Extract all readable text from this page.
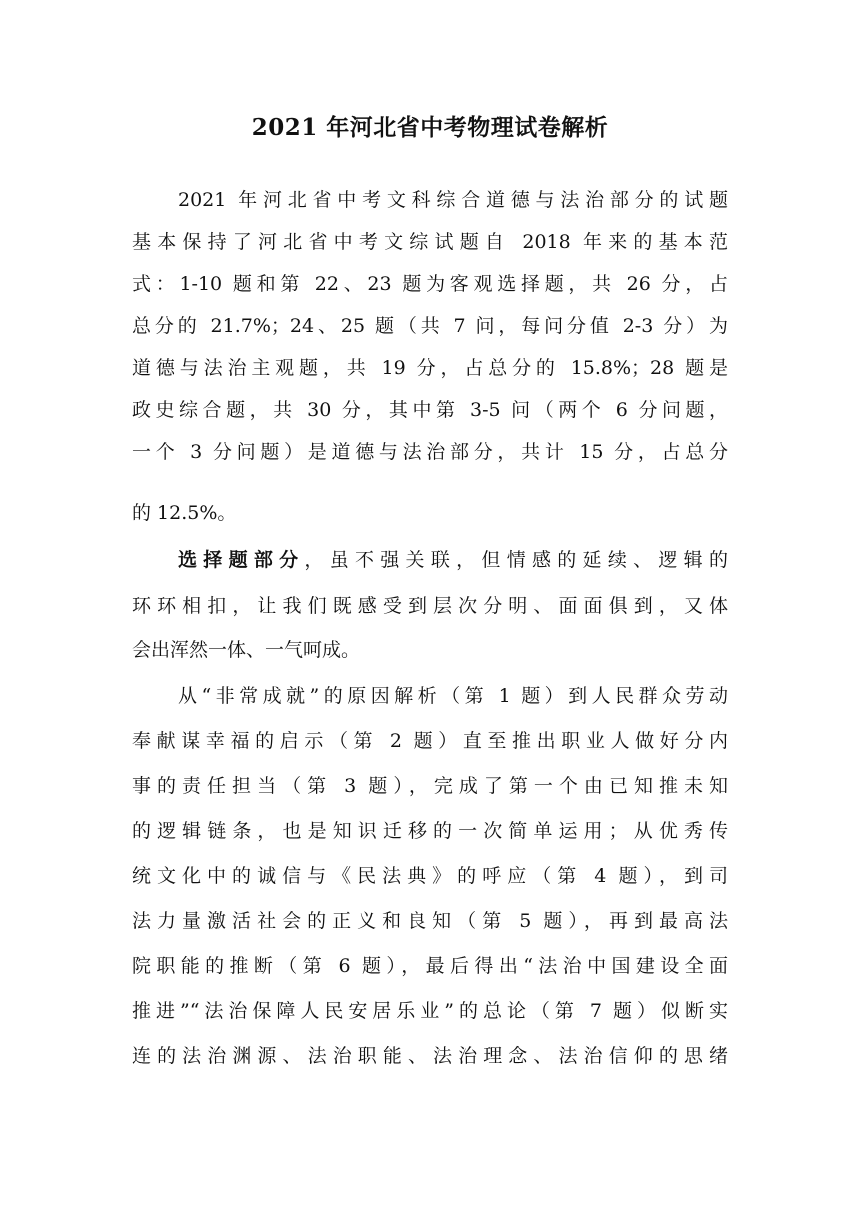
2021 年河北省中考物理试卷解析
2021 年河北省中考文科综合道德与法治部分的试题
基本保持了河北省中考文综试题自 2018 年来的基本范
式：1-10 题和第 22、23 题为客观选择题，共 26 分，占
总分的 21.7%；24、25 题（共 7 问，每问分值 2-3 分）为
道德与法治主观题，共 19 分，占总分的 15.8%；28 题是
政史综合题，共 30 分，其中第 3-5 问（两个 6 分问题，
一个 3 分问题）是道德与法治部分，共计 15 分，占总分
的 12.5%。
选择题部分，虽不强关联，但情感的延续、逻辑的
环环相扣，让我们既感受到层次分明、面面俱到，又体
会出浑然一体、一气呵成。
从“非常成就”的原因解析（第 1 题）到人民群众劳动
奉献谋幸福的启示（第 2 题）直至推出职业人做好分内
事的责任担当（第 3 题），完成了第一个由已知推未知
的逻辑链条，也是知识迁移的一次简单运用；从优秀传
统文化中的诚信与《民法典》的呼应（第 4 题），到司
法力量激活社会的正义和良知（第 5 题），再到最高法
院职能的推断（第 6 题），最后得出“法治中国建设全面
推进”“法治保障人民安居乐业”的总论（第 7 题）似断实
连的法治渊源、法治职能、法治理念、法治信仰的思绪
